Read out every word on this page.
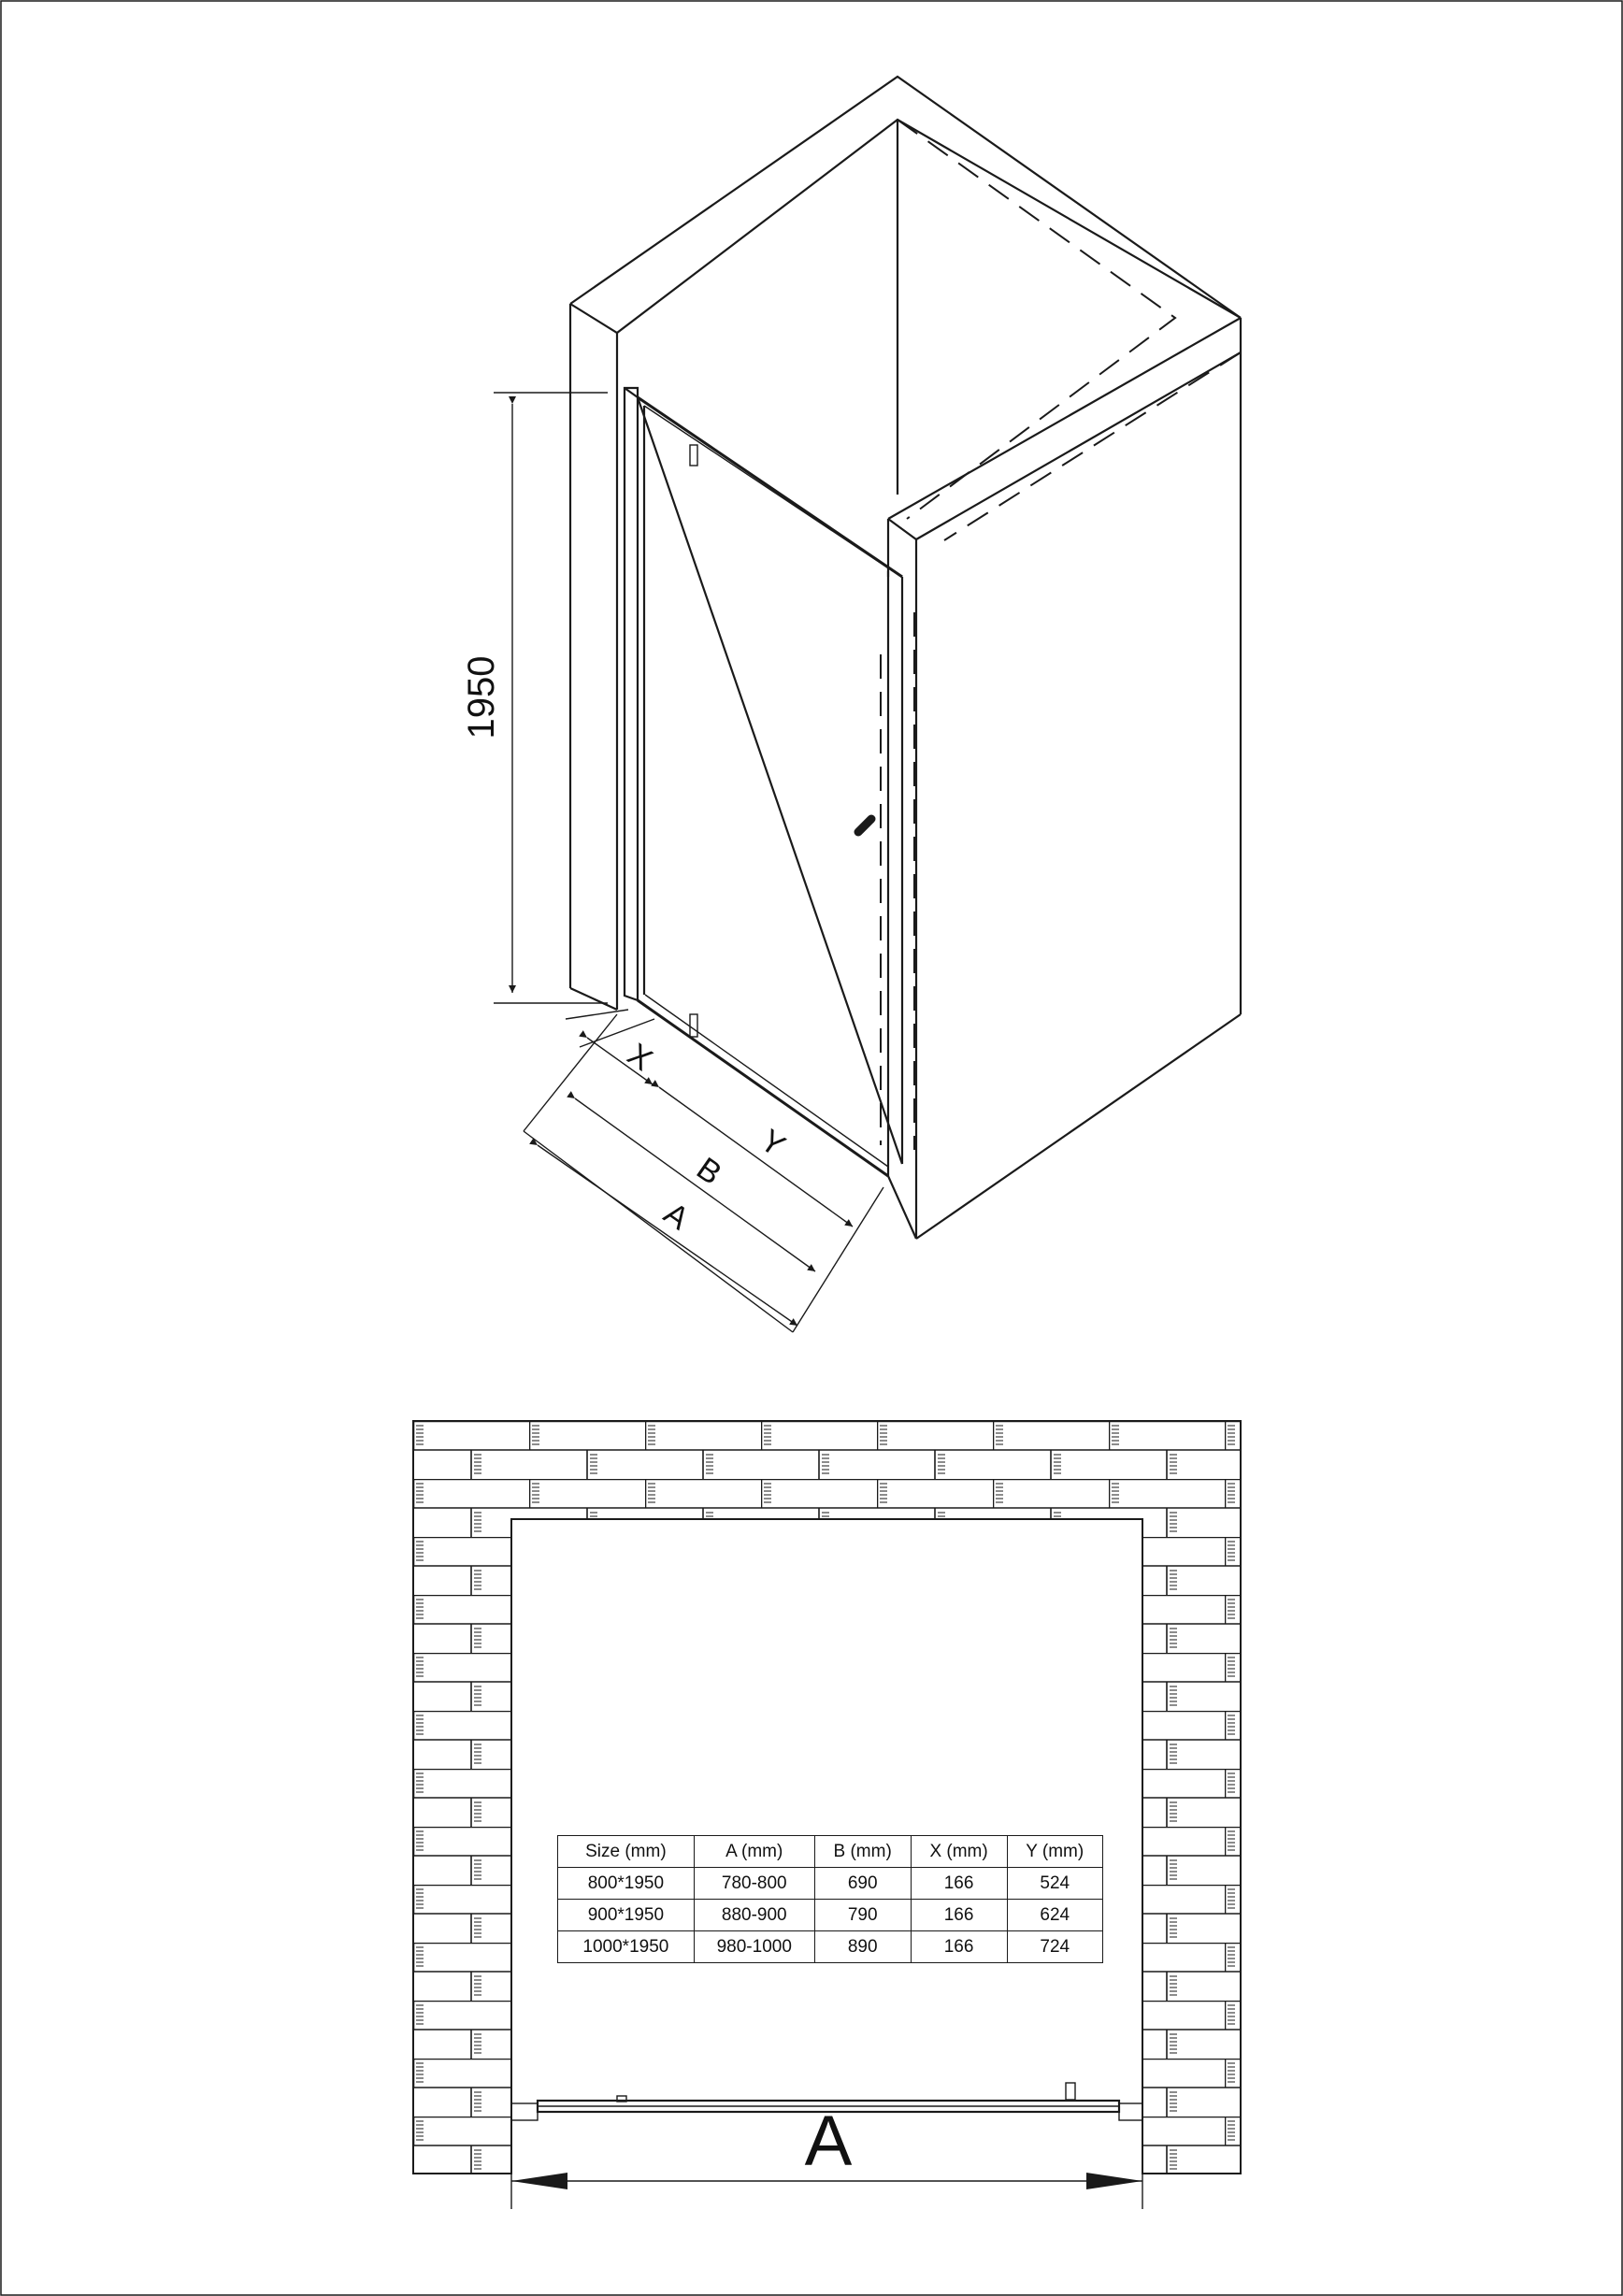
1950
X
Y
B
A
A
Size (mm)	A (mm)	B (mm)	X (mm)	Y (mm)
800*1950	780-800	690	166	524
900*1950	880-900	790	166	624
1000*1950	980-1000	890	166	724
